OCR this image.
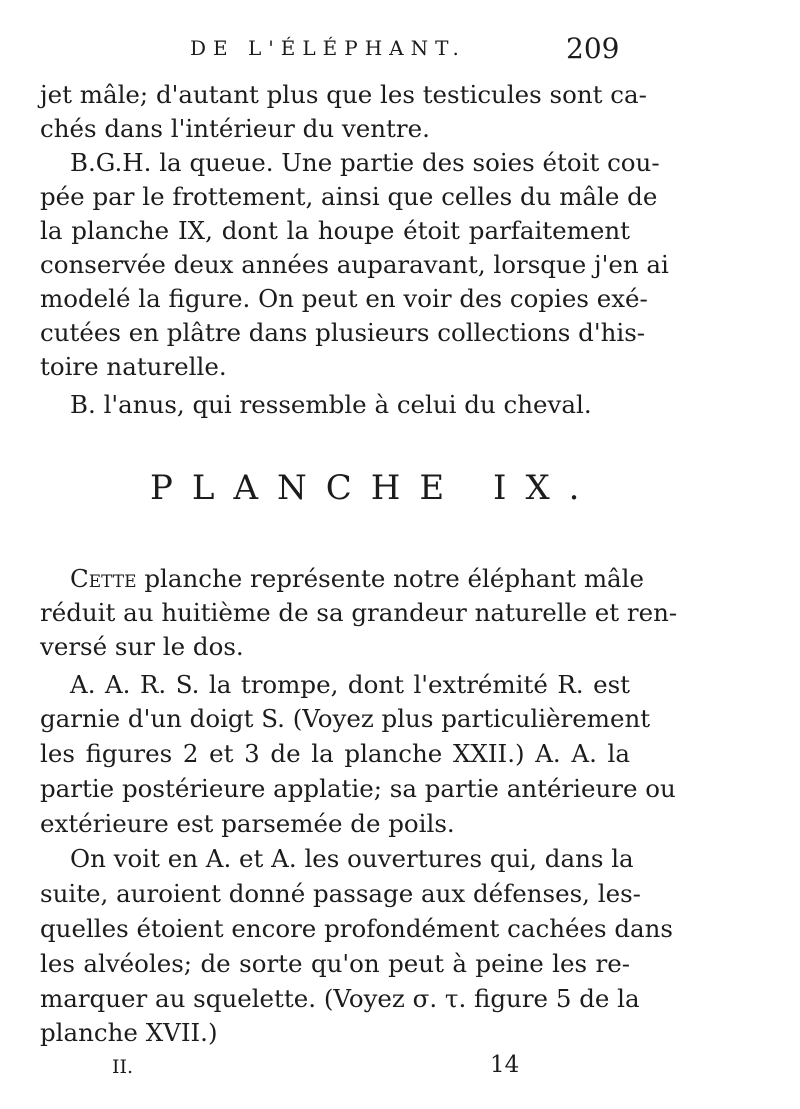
DE L'ÉLÉPHANT.	209
jet mâle; d'autant plus que les testicules sont ca-
chés dans l'intérieur du ventre.
B.G.H. la queue. Une partie des soies étoit cou-
pée par le frottement, ainsi que celles du mâle de
la planche IX, dont la houpe étoit parfaitement
conservée deux années auparavant, lorsque j'en ai
modelé la figure. On peut en voir des copies exé-
cutées en plâtre dans plusieurs collections d'his-
toire naturelle.
B. l'anus, qui ressemble à celui du cheval.
PLANCHE IX.
Cette planche représente notre éléphant mâle
réduit au huitième de sa grandeur naturelle et ren-
versé sur le dos.
A. A. R. S. la trompe, dont l'extrémité R. est
garnie d'un doigt S. (Voyez plus particulièrement
les figures 2 et 3 de la planche XXII.) A. A. la
partie postérieure applatie; sa partie antérieure ou
extérieure est parsemée de poils.
On voit en A. et A. les ouvertures qui, dans la
suite, auroient donné passage aux défenses, les-
quelles étoient encore profondément cachées dans
les alvéoles; de sorte qu'on peut à peine les re-
marquer au squelette. (Voyez σ. τ. figure 5 de la
planche XVII.)
II.	14
